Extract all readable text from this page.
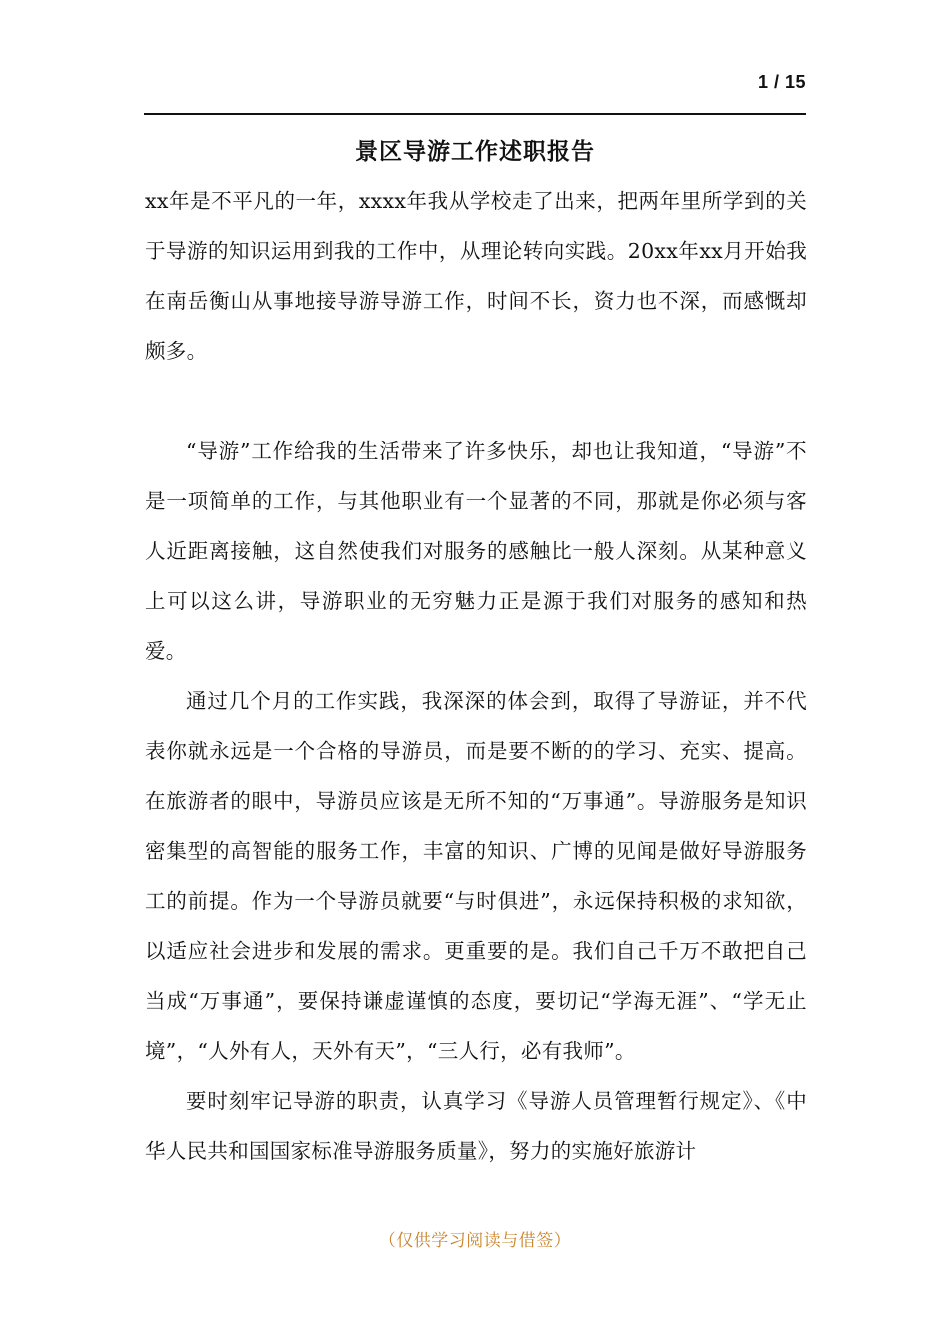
1 / 15
景区导游工作述职报告

xx年是不平凡的一年，xxxx年我从学校走了出来，把两年里所学到的关于导游的知识运用到我的工作中，从理论转向实践。20xx年xx月开始我在南岳衡山从事地接导游导游工作，时间不长，资力也不深，而感慨却颇多。

“导游”工作给我的生活带来了许多快乐，却也让我知道，“导游”不是一项简单的工作，与其他职业有一个显著的不同，那就是你必须与客人近距离接触，这自然使我们对服务的感触比一般人深刻。从某种意义上可以这么讲，导游职业的无穷魅力正是源于我们对服务的感知和热爱。

通过几个月的工作实践，我深深的体会到，取得了导游证，并不代表你就永远是一个合格的导游员，而是要不断的的学习、充实、提高。在旅游者的眼中，导游员应该是无所不知的“万事通”。导游服务是知识密集型的高智能的服务工作，丰富的知识、广博的见闻是做好导游服务工的前提。作为一个导游员就要“与时俱进”，永远保持积极的求知欲，以适应社会进步和发展的需求。更重要的是。我们自己千万不敢把自己当成“万事通”，要保持谦虚谨慎的态度，要切记“学海无涯”、“学无止境”，“人外有人，天外有天”，“三人行，必有我师”。

要时刻牢记导游的职责，认真学习《导游人员管理暂行规定》、《中华人民共和国国家标准导游服务质量》，努力的实施好旅游计

（仅供学习阅读与借签）
